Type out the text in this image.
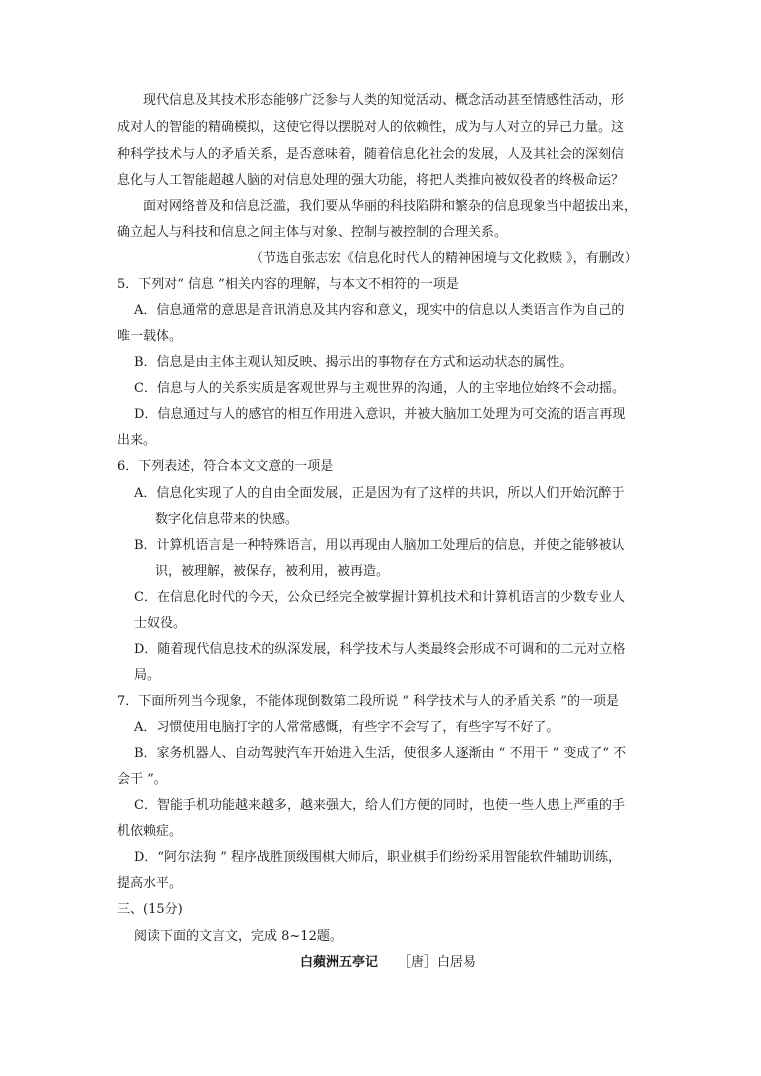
现代信息及其技术形态能够广泛参与人类的知觉活动、概念活动甚至情感性活动，形
成对人的智能的精确模拟，这使它得以摆脱对人的依赖性，成为与人对立的异己力量。这
种科学技术与人的矛盾关系，是否意味着，随着信息化社会的发展，人及其社会的深刻信
息化与人工智能超越人脑的对信息处理的强大功能，将把人类推向被奴役者的终极命运？
面对网络普及和信息泛滥，我们要从华丽的科技陷阱和繁杂的信息现象当中超拔出来，
确立起人与科技和信息之间主体与对象、控制与被控制的合理关系。
（节选自张志宏《信息化时代人的精神困境与文化救赎 》，有删改）
5．下列对“ 信息 ”相关内容的理解，与本文不相符的一项是
A．信息通常的意思是音讯消息及其内容和意义，现实中的信息以人类语言作为自己的
唯一载体。
B．信息是由主体主观认知反映、揭示出的事物存在方式和运动状态的属性。
C．信息与人的关系实质是客观世界与主观世界的沟通，人的主宰地位始终不会动摇。
D．信息通过与人的感官的相互作用进入意识，并被大脑加工处理为可交流的语言再现
出来。
6．下列表述，符合本文文意的一项是
A．信息化实现了人的自由全面发展，正是因为有了这样的共识，所以人们开始沉醉于
数字化信息带来的快感。
B．计算机语言是一种特殊语言，用以再现由人脑加工处理后的信息，并使之能够被认
识，被理解，被保存，被利用，被再造。
C．在信息化时代的今天，公众已经完全被掌握计算机技术和计算机语言的少数专业人
士奴役。
D．随着现代信息技术的纵深发展，科学技术与人类最终会形成不可调和的二元对立格
局。
7．下面所列当今现象，不能体现倒数第二段所说 “ 科学技术与人的矛盾关系 ”的一项是
A．习惯使用电脑打字的人常常感慨，有些字不会写了，有些字写不好了。
B．家务机器人、自动驾驶汽车开始进入生活，使很多人逐渐由 “ 不用干 ” 变成了“ 不
会干 ”。
C．智能手机功能越来越多，越来强大，给人们方便的同时，也使一些人患上严重的手
机依赖症。
D．“阿尔法狗 ” 程序战胜顶级围棋大师后，职业棋手们纷纷采用智能软件辅助训练，
提高水平。
三、(15分)
阅读下面的文言文，完成 8~12题。
白蘋洲五亭记 ［唐］白居易
